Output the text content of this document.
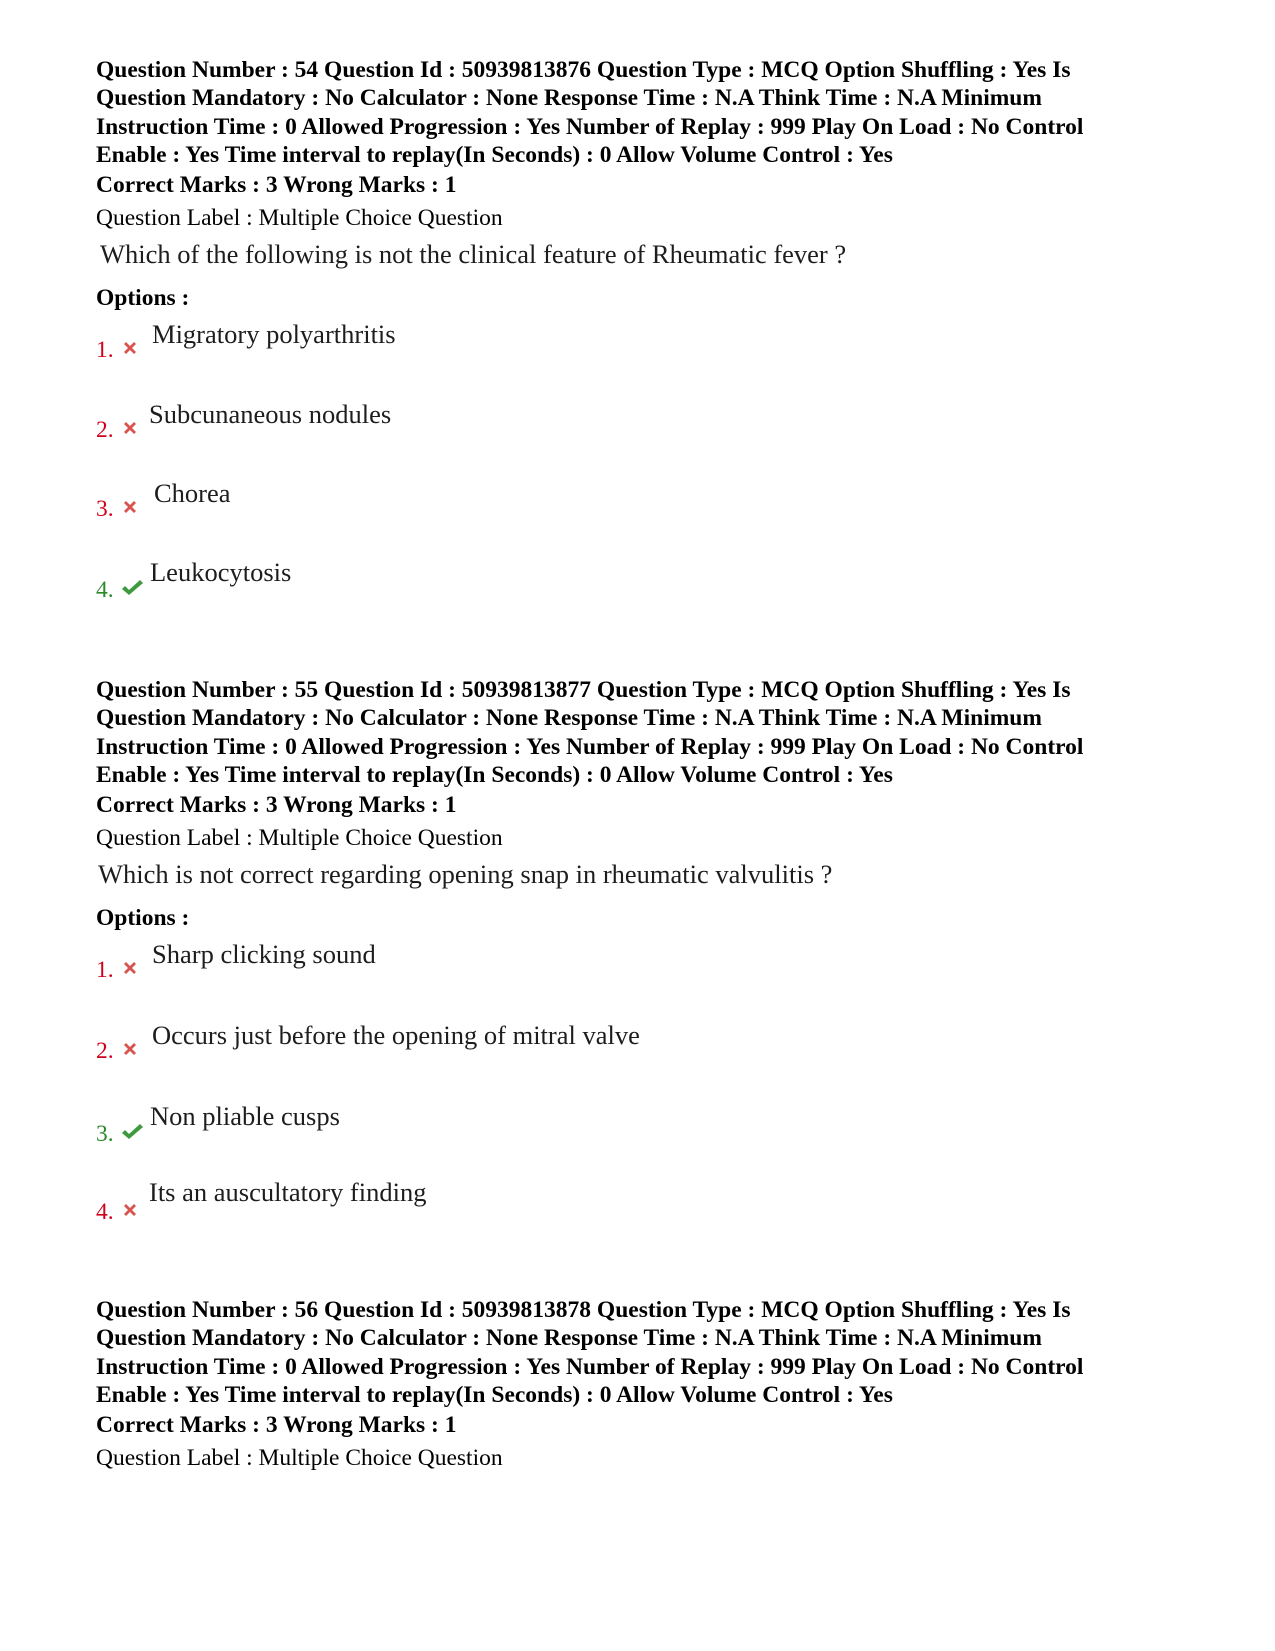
Question Number : 54 Question Id : 50939813876 Question Type : MCQ Option Shuffling : Yes Is

Question Mandatory : No Calculator : None Response Time : N.A Think Time : N.A Minimum

Instruction Time : 0 Allowed Progression : Yes Number of Replay : 999 Play On Load : No Control

Enable : Yes Time interval to replay(In Seconds) : 0 Allow Volume Control : Yes

Correct Marks : 3 Wrong Marks : 1
Question Label : Multiple Choice Question
Which of the following is not the clinical feature of Rheumatic fever ?
Options :
1.
Migratory polyarthritis
2.
Subcunaneous nodules
3.
Chorea
4.
Leukocytosis

Question Number : 55 Question Id : 50939813877 Question Type : MCQ Option Shuffling : Yes Is

Question Mandatory : No Calculator : None Response Time : N.A Think Time : N.A Minimum

Instruction Time : 0 Allowed Progression : Yes Number of Replay : 999 Play On Load : No Control

Enable : Yes Time interval to replay(In Seconds) : 0 Allow Volume Control : Yes

Correct Marks : 3 Wrong Marks : 1
Question Label : Multiple Choice Question
Which is not correct regarding opening snap in rheumatic valvulitis ?
Options :
1.
Sharp clicking sound
2.
Occurs just before the opening of mitral valve
3.
Non pliable cusps
4.
Its an auscultatory finding

Question Number : 56 Question Id : 50939813878 Question Type : MCQ Option Shuffling : Yes Is

Question Mandatory : No Calculator : None Response Time : N.A Think Time : N.A Minimum

Instruction Time : 0 Allowed Progression : Yes Number of Replay : 999 Play On Load : No Control

Enable : Yes Time interval to replay(In Seconds) : 0 Allow Volume Control : Yes

Correct Marks : 3 Wrong Marks : 1
Question Label : Multiple Choice Question
